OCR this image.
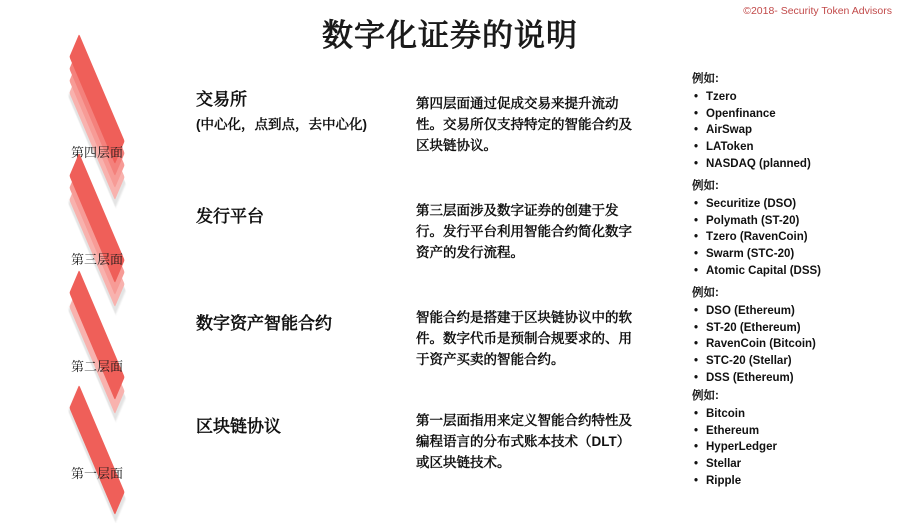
©2018- Security Token Advisors
数字化证券的说明
第四层面
交易所
(中心化，点到点，去中心化)
第四层面通过促成交易来提升流动性。交易所仅支持特定的智能合约及区块链协议。
例如:
• Tzero
• Openfinance
• AirSwap
• LAToken
• NASDAQ (planned)
第三层面
发行平台	第三层面涉及数字证券的创建于发行。发行平台利用智能合约简化数字资产的发行流程。
例如:
• Securitize (DSO)
• Polymath (ST-20)
• Tzero (RavenCoin)
• Swarm (STC-20)
• Atomic Capital (DSS)
第二层面
数字资产智能合约	智能合约是搭建于区块链协议中的软件。数字代币是预制合规要求的、用于资产买卖的智能合约。
例如:
• DSO (Ethereum)
• ST-20 (Ethereum)
• RavenCoin (Bitcoin)
• STC-20 (Stellar)
• DSS (Ethereum)
第一层面
区块链协议	第一层面指用来定义智能合约特性及编程语言的分布式账本技术（DLT）或区块链技术。
例如:
• Bitcoin
• Ethereum
• HyperLedger
• Stellar
• Ripple
